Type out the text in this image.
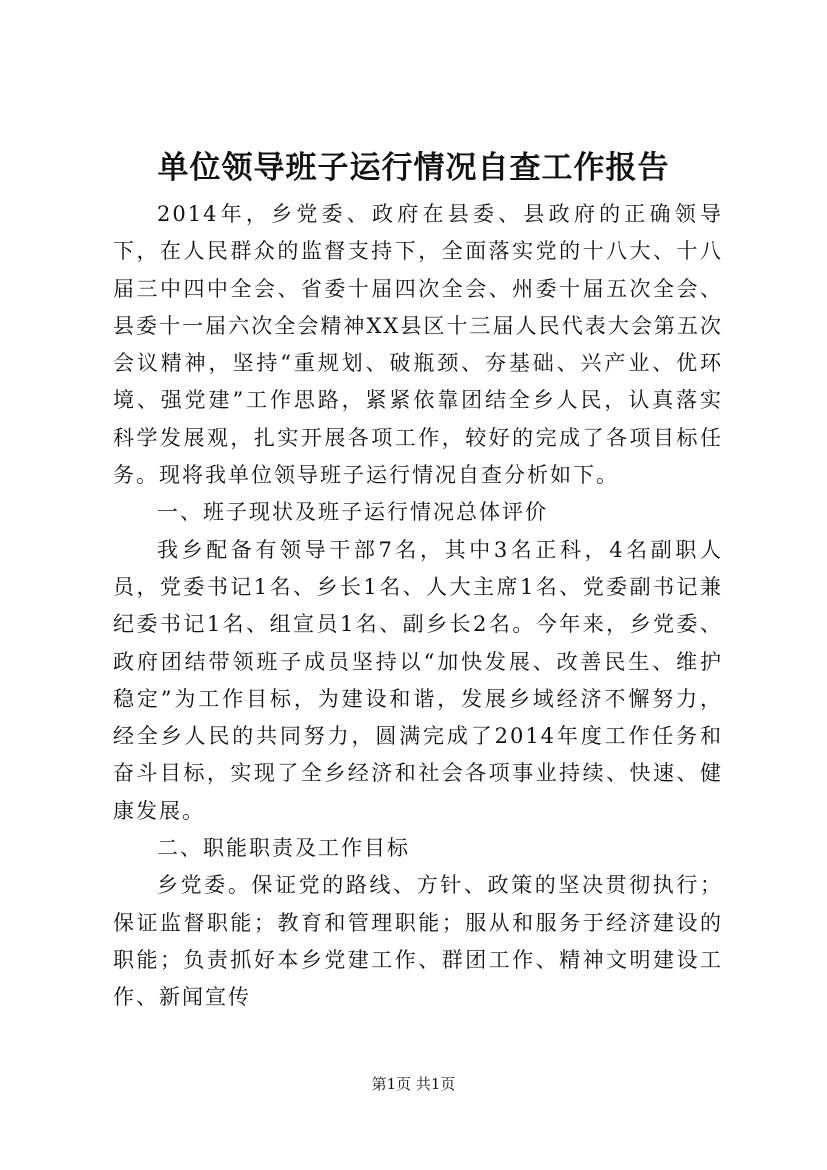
单位领导班子运行情况自查工作报告

2014年，乡党委、政府在县委、县政府的正确领导下，在人民群众的监督支持下，全面落实党的十八大、十八届三中四中全会、省委十届四次全会、州委十届五次全会、县委十一届六次全会精神XX县区十三届人民代表大会第五次会议精神，坚持“重规划、破瓶颈、夯基础、兴产业、优环境、强党建”工作思路，紧紧依靠团结全乡人民，认真落实科学发展观，扎实开展各项工作，较好的完成了各项目标任务。现将我单位领导班子运行情况自查分析如下。

一、班子现状及班子运行情况总体评价

我乡配备有领导干部7名，其中3名正科，4名副职人员，党委书记1名、乡长1名、人大主席1名、党委副书记兼纪委书记1名、组宣员1名、副乡长2名。今年来，乡党委、政府团结带领班子成员坚持以“加快发展、改善民生、维护稳定”为工作目标，为建设和谐，发展乡域经济不懈努力，经全乡人民的共同努力，圆满完成了2014年度工作任务和奋斗目标，实现了全乡经济和社会各项事业持续、快速、健康发展。

二、职能职责及工作目标

乡党委。保证党的路线、方针、政策的坚决贯彻执行；保证监督职能；教育和管理职能；服从和服务于经济建设的职能；负责抓好本乡党建工作、群团工作、精神文明建设工作、新闻宣传

第1页 共1页
